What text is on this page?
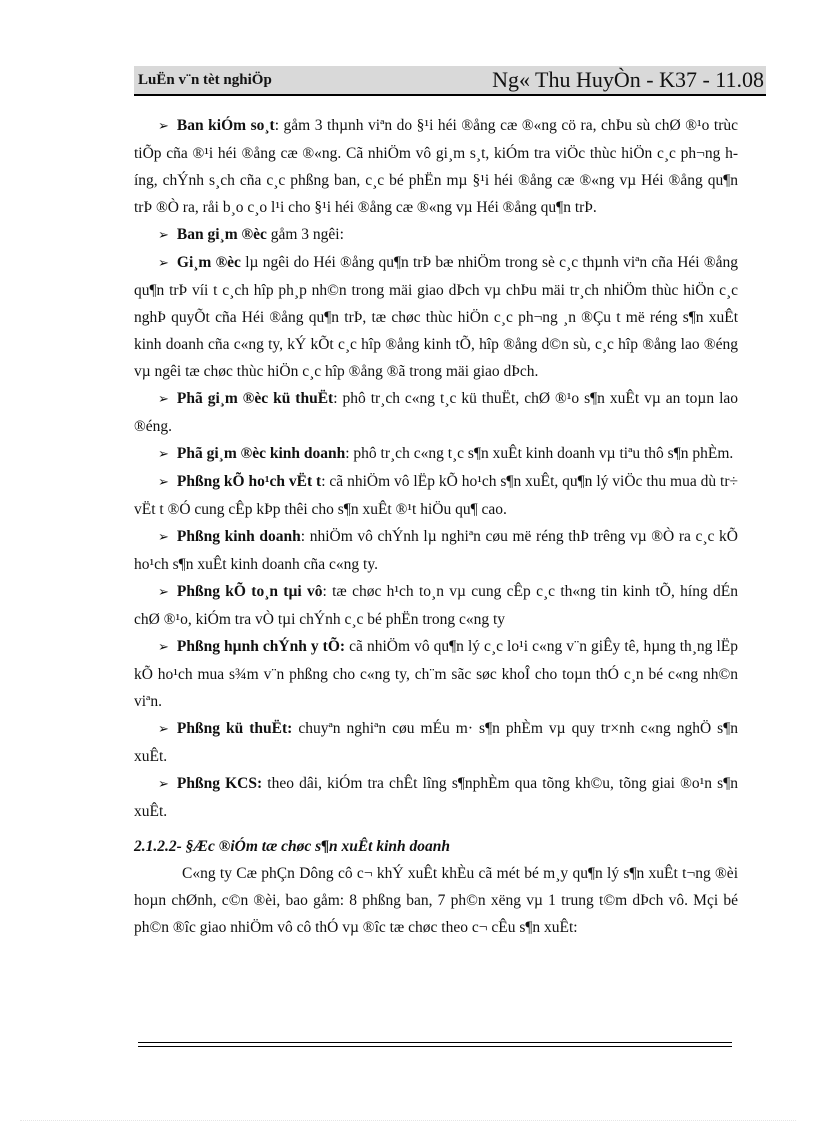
LuËn v¨n tèt nghiÖp	Ng« Thu HuyÒn - K37 - 11.08

➢ Ban kiÓm so¸t: gåm 3 thµnh viªn do §¹i héi ®ång cæ ®«ng cö ra, chÞu sù chØ ®¹o trùc tiÕp cña ®¹i héi ®ång cæ ®«ng. Cã nhiÖm vô gi¸m s¸t, kiÓm tra viÖc thùc hiÖn c¸c ph¬ng híng, chÝnh s¸ch cña c¸c phßng ban, c¸c bé phËn mµ §¹i héi ®ång cæ ®«ng vµ Héi ®ång qu¶n trÞ ®Ò ra, råi b¸o c¸o l¹i cho §¹i héi ®ång cæ ®«ng vµ Héi ®ång qu¶n trÞ.

➢ Ban gi¸m ®èc gåm 3 ngêi:

➢ Gi¸m ®èc lµ ngêi do Héi ®ång qu¶n trÞ bæ nhiÖm trong sè c¸c thµnh viªn cña Héi ®ång qu¶n trÞ víi t c¸ch hîp ph¸p nh©n trong mäi giao dÞch vµ chÞu mäi tr¸ch nhiÖm thùc hiÖn c¸c nghÞ quyÕt cña Héi ®ång qu¶n trÞ, tæ chøc thùc hiÖn c¸c ph¬ng ¸n ®Çu t më réng s¶n xuÊt kinh doanh cña c«ng ty, kÝ kÕt c¸c hîp ®ång kinh tÕ, hîp ®ång d©n sù, c¸c hîp ®ång lao ®éng vµ ngêi tæ chøc thùc hiÖn c¸c hîp ®ång ®ã trong mäi giao dÞch.

➢ Phã gi¸m ®èc kü thuËt: phô tr¸ch c«ng t¸c kü thuËt, chØ ®¹o s¶n xuÊt vµ an toµn lao ®éng.

➢ Phã gi¸m ®èc kinh doanh: phô tr¸ch c«ng t¸c s¶n xuÊt kinh doanh vµ tiªu thô s¶n phÈm.

➢ Phßng kÕ ho¹ch vËt t: cã nhiÖm vô lËp kÕ ho¹ch s¶n xuÊt, qu¶n lý viÖc thu mua dù tr÷ vËt t ®Ó cung cÊp kÞp thêi cho s¶n xuÊt ®¹t hiÖu qu¶ cao.

➢ Phßng kinh doanh: nhiÖm vô chÝnh lµ nghiªn cøu më réng thÞ trêng vµ ®Ò ra c¸c kÕ ho¹ch s¶n xuÊt kinh doanh cña c«ng ty.

➢ Phßng kÕ to¸n tµi vô: tæ chøc h¹ch to¸n vµ cung cÊp c¸c th«ng tin kinh tÕ, híng dÉn chØ ®¹o, kiÓm tra vÒ tµi chÝnh c¸c bé phËn trong c«ng ty

➢ Phßng hµnh chÝnh y tÕ: cã nhiÖm vô qu¶n lý c¸c lo¹i c«ng v¨n giÊy tê, hµng th¸ng lËp kÕ ho¹ch mua s¾m v¨n phßng cho c«ng ty, ch¨m sãc søc khoÎ cho toµn thÓ c¸n bé c«ng nh©n viªn.

➢ Phßng kü thuËt: chuyªn nghiªn cøu mÉu m· s¶n phÈm vµ quy tr×nh c«ng nghÖ s¶n xuÊt.

➢ Phßng KCS: theo dâi, kiÓm tra chÊt lîng s¶nphÈm qua tõng kh©u, tõng giai ®o¹n s¶n xuÊt.

2.1.2.2- §Æc ®iÓm tæ chøc s¶n xuÊt kinh doanh

C«ng ty Cæ phÇn Dông cô c¬ khÝ xuÊt khÈu cã mét bé m¸y qu¶n lý s¶n xuÊt t¬ng ®èi hoµn chØnh, c©n ®èi, bao gåm: 8 phßng ban, 7 ph©n xëng vµ 1 trung t©m dÞch vô. Mçi bé ph©n ®îc giao nhiÖm vô cô thÓ vµ ®îc tæ chøc theo c¬ cÊu s¶n xuÊt:
